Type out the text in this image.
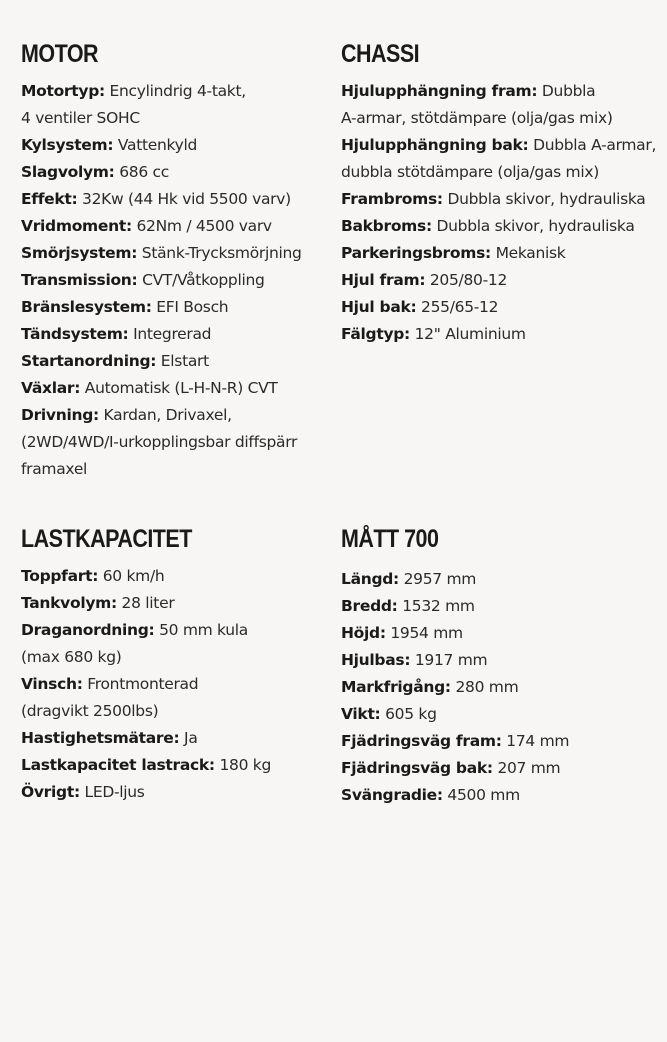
MOTOR
Motortyp: Encylindrig 4-takt,
4 ventiler SOHC
Kylsystem: Vattenkyld
Slagvolym: 686 cc
Effekt: 32Kw (44 Hk vid 5500 varv)
Vridmoment: 62Nm / 4500 varv
Smörjsystem: Stänk-Trycksmörjning
Transmission: CVT/Våtkoppling
Bränslesystem: EFI Bosch
Tändsystem: Integrerad
Startanordning: Elstart
Växlar: Automatisk (L-H-N-R) CVT
Drivning: Kardan, Drivaxel,
(2WD/4WD/I-urkopplingsbar diffspärr
framaxel
CHASSI
Hjulupphängning fram: Dubbla
A-armar, stötdämpare (olja/gas mix)
Hjulupphängning bak: Dubbla A-armar,
dubbla stötdämpare (olja/gas mix)
Frambroms: Dubbla skivor, hydrauliska
Bakbroms: Dubbla skivor, hydrauliska
Parkeringsbroms: Mekanisk
Hjul fram: 205/80-12
Hjul bak: 255/65-12
Fälgtyp: 12" Aluminium
LASTKAPACITET
Toppfart: 60 km/h
Tankvolym: 28 liter
Draganordning: 50 mm kula
(max 680 kg)
Vinsch: Frontmonterad
(dragvikt 2500lbs)
Hastighetsmätare: Ja
Lastkapacitet lastrack: 180 kg
Övrigt: LED-ljus
MÅTT 700
Längd: 2957 mm
Bredd: 1532 mm
Höjd: 1954 mm
Hjulbas: 1917 mm
Markfrigång: 280 mm
Vikt: 605 kg
Fjädringsväg fram: 174 mm
Fjädringsväg bak: 207 mm
Svängradie: 4500 mm
